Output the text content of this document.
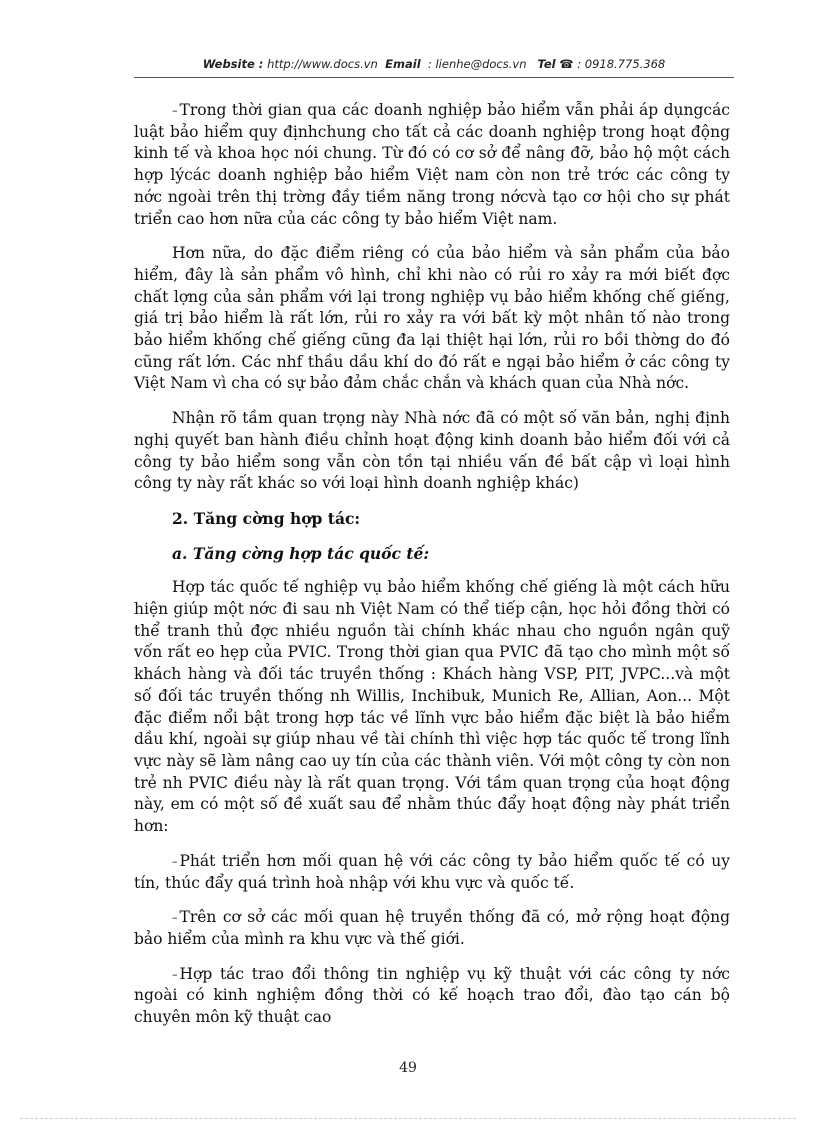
Website : http://www.docs.vn Email : lienhe@docs.vn Tel ☎ : 0918.775.368

– Trong thời gian qua các doanh nghiệp bảo hiểm vẫn phải áp dụngcác luật bảo hiểm quy địnhchung cho tất cả các doanh nghiệp trong hoạt động kinh tế và khoa học nói chung. Từ đó có cơ sở để nâng đỡ, bảo hộ một cách hợp lýcác doanh nghiệp bảo hiểm Việt nam còn non trẻ trớc các công ty nớc ngoài trên thị trờng đầy tiềm năng trong nớcvà tạo cơ hội cho sự phát triển cao hơn nữa của các công ty bảo hiểm Việt nam.

Hơn nữa, do đặc điểm riêng có của bảo hiểm và sản phẩm của bảo hiểm, đây là sản phẩm vô hình, chỉ khi nào có rủi ro xảy ra mới biết đợc chất lợng của sản phẩm với lại trong nghiệp vụ bảo hiểm khống chế giếng, giá trị bảo hiểm là rất lớn, rủi ro xảy ra với bất kỳ một nhân tố nào trong bảo hiểm khống chế giếng cũng đa lại thiệt hại lớn, rủi ro bồi thờng do đó cũng rất lớn. Các nhf thầu dầu khí do đó rất e ngại bảo hiểm ở các công ty Việt Nam vì cha có sự bảo đảm chắc chắn và khách quan của Nhà nớc.

Nhận rõ tầm quan trọng này Nhà nớc đã có một số văn bản, nghị định nghị quyết ban hành điều chỉnh hoạt động kinh doanh bảo hiểm đối với cả công ty bảo hiểm song vẫn còn tồn tại nhiều vấn đề bất cập vì loại hình công ty này rất khác so với loại hình doanh nghiệp khác)

2. Tăng cờng hợp tác:
a. Tăng cờng hợp tác quốc tế:

Hợp tác quốc tế nghiệp vụ bảo hiểm khống chế giếng là một cách hữu hiện giúp một nớc đi sau nh Việt Nam có thể tiếp cận, học hỏi đồng thời có thể tranh thủ đợc nhiều nguồn tài chính khác nhau cho nguồn ngân quỹ vốn rất eo hẹp của PVIC. Trong thời gian qua PVIC đã tạo cho mình một số khách hàng và đối tác truyền thống : Khách hàng VSP, PIT, JVPC...và một số đối tác truyền thống nh Willis, Inchibuk, Munich Re, Allian, Aon... Một đặc điểm nổi bật trong hợp tác về lĩnh vực bảo hiểm đặc biệt là bảo hiểm dầu khí, ngoài sự giúp nhau về tài chính thì việc hợp tác quốc tế trong lĩnh vực này sẽ làm nâng cao uy tín của các thành viên. Với một công ty còn non trẻ nh PVIC điều này là rất quan trọng. Với tầm quan trọng của hoạt động này, em có một số đề xuất sau để nhằm thúc đẩy hoạt động này phát triển hơn:

– Phát triển hơn mối quan hệ với các công ty bảo hiểm quốc tế có uy tín, thúc đẩy quá trình hoà nhập với khu vực và quốc tế.

– Trên cơ sở các mối quan hệ truyền thống đã có, mở rộng hoạt động bảo hiểm của mình ra khu vực và thế giới.

– Hợp tác trao đổi thông tin nghiệp vụ kỹ thuật với các công ty nớc ngoài có kinh nghiệm đồng thời có kế hoạch trao đổi, đào tạo cán bộ chuyên môn kỹ thuật cao

49
